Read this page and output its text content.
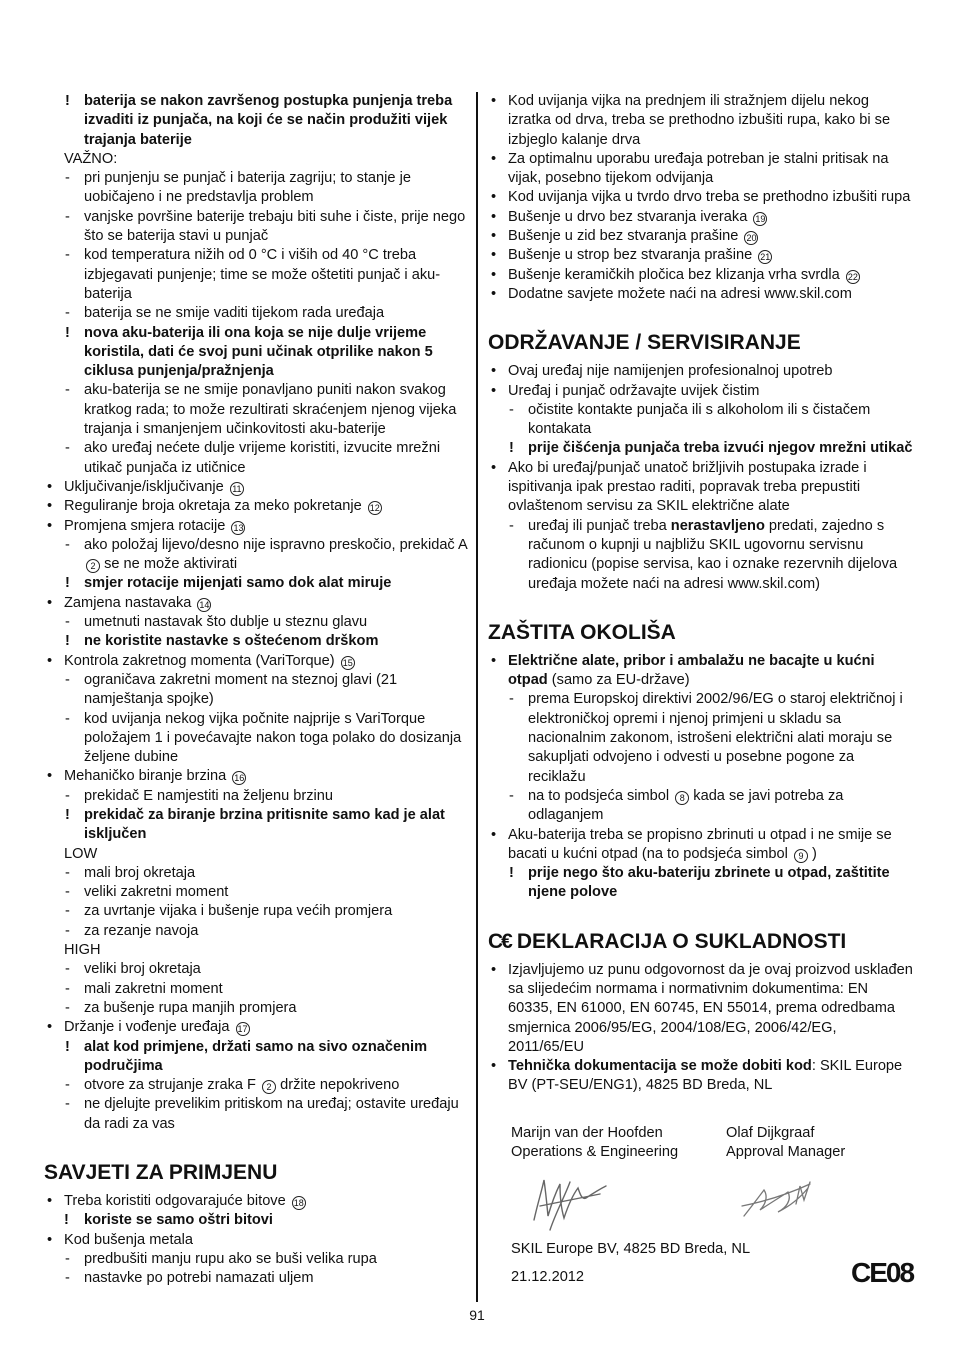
! baterija se nakon završenog postupka punjenja treba izvaditi iz punjača, na koji će se način produžiti vijek trajanja baterije
VAŽNO:
- pri punjenju se punjač i baterija zagriju; to stanje je uobičajeno i ne predstavlja problem
- vanjske površine baterije trebaju biti suhe i čiste, prije nego što se baterija stavi u punjač
- kod temperatura nižih od 0 °C i viših od 40 °C treba izbjegavati punjenje; time se može oštetiti punjač i aku-baterija
- baterija se ne smije vaditi tijekom rada uređaja
! nova aku-baterija ili ona koja se nije dulje vrijeme koristila, dati će svoj puni učinak otprilike nakon 5 ciklusa punjenja/pražnjenja
- aku-baterija se ne smije ponavljano puniti nakon svakog kratkog rada; to može rezultirati skraćenjem njenog vijeka trajanja i smanjenjem učinkovitosti aku-baterije
- ako uređaj nećete dulje vrijeme koristiti, izvucite mrežni utikač punjača iz utičnice
• Uključivanje/isključivanje 11
• Reguliranje broja okretaja za meko pokretanje 12
• Promjena smjera rotacije 13
- ako položaj lijevo/desno nije ispravno preskočio, prekidač A 2 se ne može aktivirati
! smjer rotacije mijenjati samo dok alat miruje
• Zamjena nastavaka 14
- umetnuti nastavak što dublje u steznu glavu
! ne koristite nastavke s oštećenom drškom
• Kontrola zakretnog momenta (VariTorque) 15
- ograničava zakretni moment na steznoj glavi (21 namještanja spojke)
- kod uvijanja nekog vijka počnite najprije s VariTorque položajem 1 i povećavajte nakon toga polako do dosizanja željene dubine
• Mehaničko biranje brzina 16
- prekidač E namjestiti na željenu brzinu
! prekidač za biranje brzina pritisnite samo kad je alat isključen
LOW
- mali broj okretaja
- veliki zakretni moment
- za uvrtanje vijaka i bušenje rupa većih promjera
- za rezanje navoja
HIGH
- veliki broj okretaja
- mali zakretni moment
- za bušenje rupa manjih promjera
• Držanje i vođenje uređaja 17
! alat kod primjene, držati samo na sivo označenim područjima
- otvore za strujanje zraka F 2 držite nepokriveno
- ne djelujte prevelikim pritiskom na uređaj; ostavite uređaju da radi za vas
SAVJETI ZA PRIMJENU
• Treba koristiti odgovarajuće bitove 18
! koriste se samo oštri bitovi
• Kod bušenja metala
- predbušiti manju rupu ako se buši velika rupa
- nastavke po potrebi namazati uljem
• Kod uvijanja vijka na prednjem ili stražnjem dijelu nekog izratka od drva, treba se prethodno izbušiti rupa, kako bi se izbjeglo kalanje drva
• Za optimalnu uporabu uređaja potreban je stalni pritisak na vijak, posebno tijekom odvijanja
• Kod uvijanja vijka u tvrdo drvo treba se prethodno izbušiti rupa
• Bušenje u drvo bez stvaranja iveraka 19
• Bušenje u zid bez stvaranja prašine 20
• Bušenje u strop bez stvaranja prašine 21
• Bušenje keramičkih pločica bez klizanja vrha svrdla 22
• Dodatne savjete možete naći na adresi www.skil.com
ODRŽAVANJE / SERVISIRANJE
• Ovaj uređaj nije namijenjen profesionalnoj upotreb
• Uređaj i punjač održavajte uvijek čistim
- očistite kontakte punjača ili s alkoholom ili s čistačem kontakata
! prije čišćenja punjača treba izvući njegov mrežni utikač
• Ako bi uređaj/punjač unatoč brižljivih postupaka izrade i ispitivanja ipak prestao raditi, popravak treba prepustiti ovlaštenom servisu za SKIL električne alate
- uređaj ili punjač treba nerastavljeno predati, zajedno s računom o kupnji u najbližu SKIL ugovornu servisnu radionicu (popise servisa, kao i oznake rezervnih dijelova uređaja možete naći na adresi www.skil.com)
ZAŠTITA OKOLIŠA
• Električne alate, pribor i ambalažu ne bacajte u kućni otpad (samo za EU-države)
- prema Europskoj direktivi 2002/96/EG o staroj električnoj i elektroničkoj opremi i njenoj primjeni u skladu sa nacionalnim zakonom, istrošeni električni alati moraju se sakupljati odvojeno i odvesti u posebne pogone za reciklažu
- na to podsjeća simbol 8 kada se javi potreba za odlaganjem
• Aku-baterija treba se propisno zbrinuti u otpad i ne smije se bacati u kućni otpad (na to podsjeća simbol 9 )
! prije nego što aku-bateriju zbrinete u otpad, zaštitite njene polove
С€ DEKLARACIJA O SUKLADNOSTI
• Izjavljujemo uz punu odgovornost da je ovaj proizvod usklađen sa slijedećim normama i normativnim dokumentima: EN 60335, EN 61000, EN 60745, EN 55014, prema odredbama smjernica 2006/95/EG, 2004/108/EG, 2006/42/EG, 2011/65/EU
• Tehnička dokumentacija se može dobiti kod: SKIL Europe BV (PT-SEU/ENG1), 4825 BD Breda, NL
Marijn van der Hoofden
Operations & Engineering
Olaf Dijkgraaf
Approval Manager
SKIL Europe BV, 4825 BD Breda, NL
21.12.2012	CE08
91
